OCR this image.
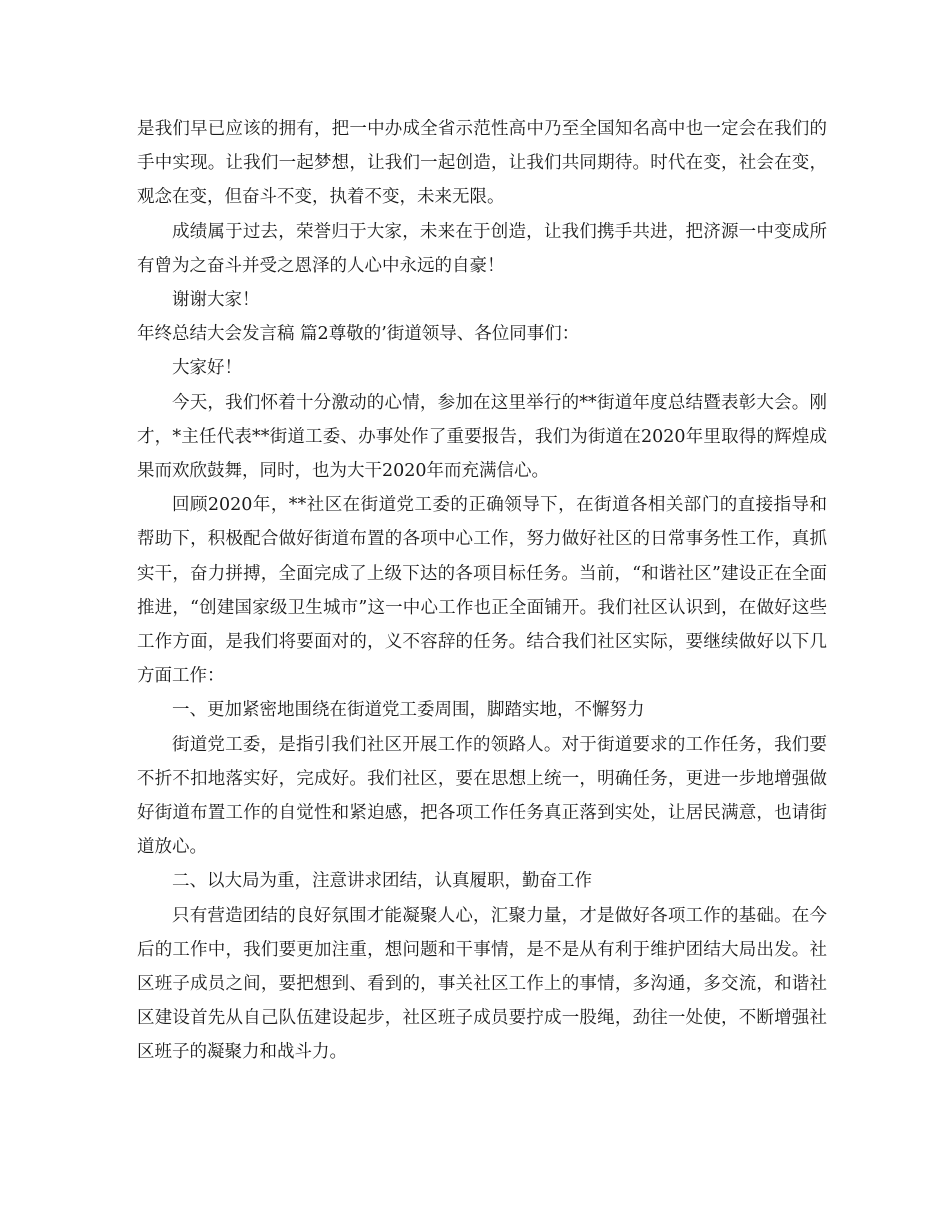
是我们早已应该的拥有，把一中办成全省示范性高中乃至全国知名高中也一定会在我们的手中实现。让我们一起梦想，让我们一起创造，让我们共同期待。时代在变，社会在变，观念在变，但奋斗不变，执着不变，未来无限。

成绩属于过去，荣誉归于大家，未来在于创造，让我们携手共进，把济源一中变成所有曾为之奋斗并受之恩泽的人心中永远的自豪！

谢谢大家！

年终总结大会发言稿 篇2尊敬的’街道领导、各位同事们：

大家好！

今天，我们怀着十分激动的心情，参加在这里举行的**街道年度总结暨表彰大会。刚才，*主任代表**街道工委、办事处作了重要报告，我们为街道在2020年里取得的辉煌成果而欢欣鼓舞，同时，也为大干2020年而充满信心。

回顾2020年，**社区在街道党工委的正确领导下，在街道各相关部门的直接指导和帮助下，积极配合做好街道布置的各项中心工作，努力做好社区的日常事务性工作，真抓实干，奋力拼搏，全面完成了上级下达的各项目标任务。当前，“和谐社区”建设正在全面推进，“创建国家级卫生城市”这一中心工作也正全面铺开。我们社区认识到，在做好这些工作方面，是我们将要面对的，义不容辞的任务。结合我们社区实际，要继续做好以下几方面工作：

一、更加紧密地围绕在街道党工委周围，脚踏实地，不懈努力

街道党工委，是指引我们社区开展工作的领路人。对于街道要求的工作任务，我们要不折不扣地落实好，完成好。我们社区，要在思想上统一，明确任务，更进一步地增强做好街道布置工作的自觉性和紧迫感，把各项工作任务真正落到实处，让居民满意，也请街道放心。

二、以大局为重，注意讲求团结，认真履职，勤奋工作

只有营造团结的良好氛围才能凝聚人心，汇聚力量，才是做好各项工作的基础。在今后的工作中，我们要更加注重，想问题和干事情，是不是从有利于维护团结大局出发。社区班子成员之间，要把想到、看到的，事关社区工作上的事情，多沟通，多交流，和谐社区建设首先从自己队伍建设起步，社区班子成员要拧成一股绳，劲往一处使，不断增强社区班子的凝聚力和战斗力。
